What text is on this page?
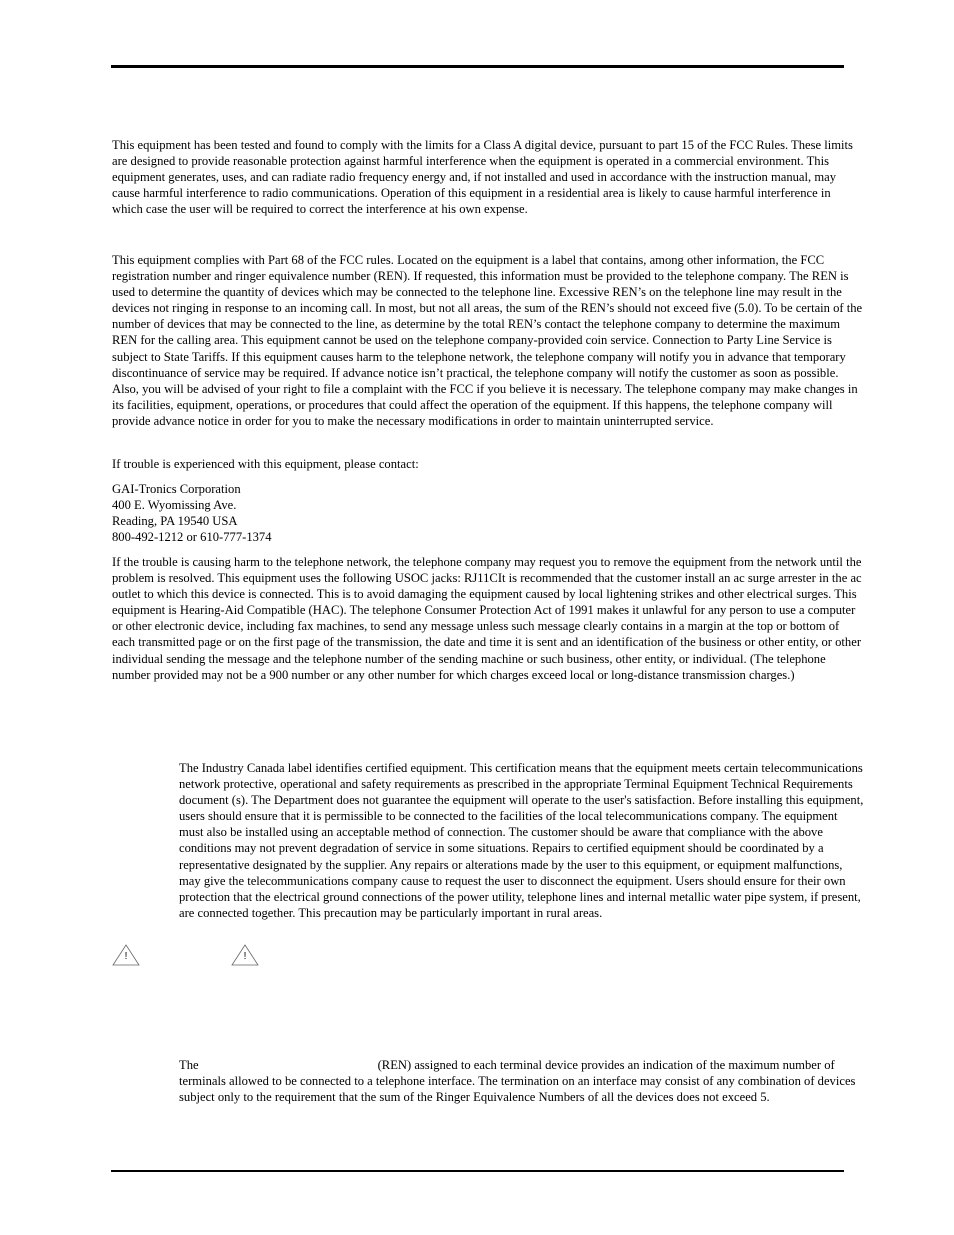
This equipment has been tested and found to comply with the limits for a Class A digital device, pursuant to part 15 of the FCC Rules. These limits are designed to provide reasonable protection against harmful interference when the equipment is operated in a commercial environment. This equipment generates, uses, and can radiate radio frequency energy and, if not installed and used in accordance with the instruction manual, may cause harmful interference to radio communications. Operation of this equipment in a residential area is likely to cause harmful interference in which case the user will be required to correct the interference at his own expense.

This equipment complies with Part 68 of the FCC rules. Located on the equipment is a label that contains, among other information, the FCC registration number and ringer equivalence number (REN). If requested, this information must be provided to the telephone company. The REN is used to determine the quantity of devices which may be connected to the telephone line. Excessive REN’s on the telephone line may result in the devices not ringing in response to an incoming call. In most, but not all areas, the sum of the REN’s should not exceed five (5.0). To be certain of the number of devices that may be connected to the line, as determine by the total REN’s contact the telephone company to determine the maximum REN for the calling area. This equipment cannot be used on the telephone company-provided coin service. Connection to Party Line Service is subject to State Tariffs. If this equipment causes harm to the telephone network, the telephone company will notify you in advance that temporary discontinuance of service may be required. If advance notice isn’t practical, the telephone company will notify the customer as soon as possible. Also, you will be advised of your right to file a complaint with the FCC if you believe it is necessary. The telephone company may make changes in its facilities, equipment, operations, or procedures that could affect the operation of the equipment. If this happens, the telephone company will provide advance notice in order for you to make the necessary modifications in order to maintain uninterrupted service.

If trouble is experienced with this equipment, please contact:

GAI-Tronics Corporation
400 E. Wyomissing Ave.
Reading, PA 19540 USA
800-492-1212 or 610-777-1374

If the trouble is causing harm to the telephone network, the telephone company may request you to remove the equipment from the network until the problem is resolved. This equipment uses the following USOC jacks: RJ11CIt is recommended that the customer install an ac surge arrester in the ac outlet to which this device is connected. This is to avoid damaging the equipment caused by local lightening strikes and other electrical surges. This equipment is Hearing-Aid Compatible (HAC). The telephone Consumer Protection Act of 1991 makes it unlawful for any person to use a computer or other electronic device, including fax machines, to send any message unless such message clearly contains in a margin at the top or bottom of each transmitted page or on the first page of the transmission, the date and time it is sent and an identification of the business or other entity, or other individual sending the message and the telephone number of the sending machine or such business, other entity, or individual. (The telephone number provided may not be a 900 number or any other number for which charges exceed local or long-distance transmission charges.)

The Industry Canada label identifies certified equipment. This certification means that the equipment meets certain telecommunications network protective, operational and safety requirements as prescribed in the appropriate Terminal Equipment Technical Requirements document (s). The Department does not guarantee the equipment will operate to the user's satisfaction. Before installing this equipment, users should ensure that it is permissible to be connected to the facilities of the local telecommunications company. The equipment must also be installed using an acceptable method of connection. The customer should be aware that compliance with the above conditions may not prevent degradation of service in some situations. Repairs to certified equipment should be coordinated by a representative designated by the supplier. Any repairs or alterations made by the user to this equipment, or equipment malfunctions, may give the telecommunications company cause to request the user to disconnect the equipment. Users should ensure for their own protection that the electrical ground connections of the power utility, telephone lines and internal metallic water pipe system, if present, are connected together. This precaution may be particularly important in rural areas.

!	!

The	(REN) assigned to each terminal device provides an indication of the maximum number of terminals allowed to be connected to a telephone interface. The termination on an interface may consist of any combination of devices subject only to the requirement that the sum of the Ringer Equivalence Numbers of all the devices does not exceed 5.
